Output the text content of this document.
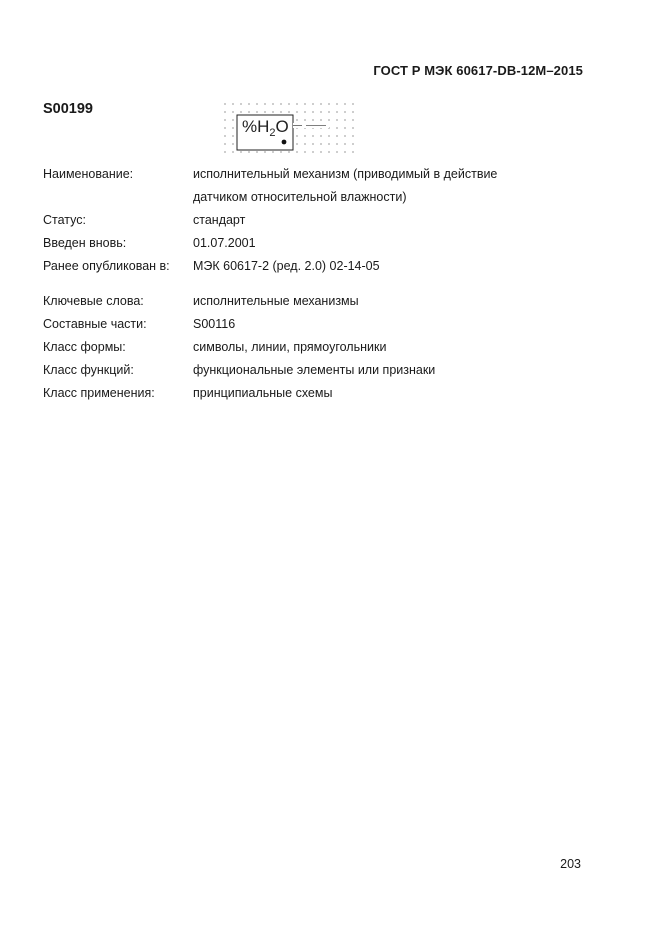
ГОСТ Р МЭК 60617-DB-12M–2015
S00199
$\%H_2O$
Наименование:	исполнительный механизм (приводимый в действие
датчиком относительной влажности)
Статус:	стандарт
Введен вновь:	01.07.2001
Ранее опубликован в:	МЭК 60617-2 (ред. 2.0) 02-14-05
Ключевые слова:	исполнительные механизмы
Составные части:	S00116
Класс формы:	символы, линии, прямоугольники
Класс функций:	функциональные элементы или признаки
Класс применения:	принципиальные схемы
203
